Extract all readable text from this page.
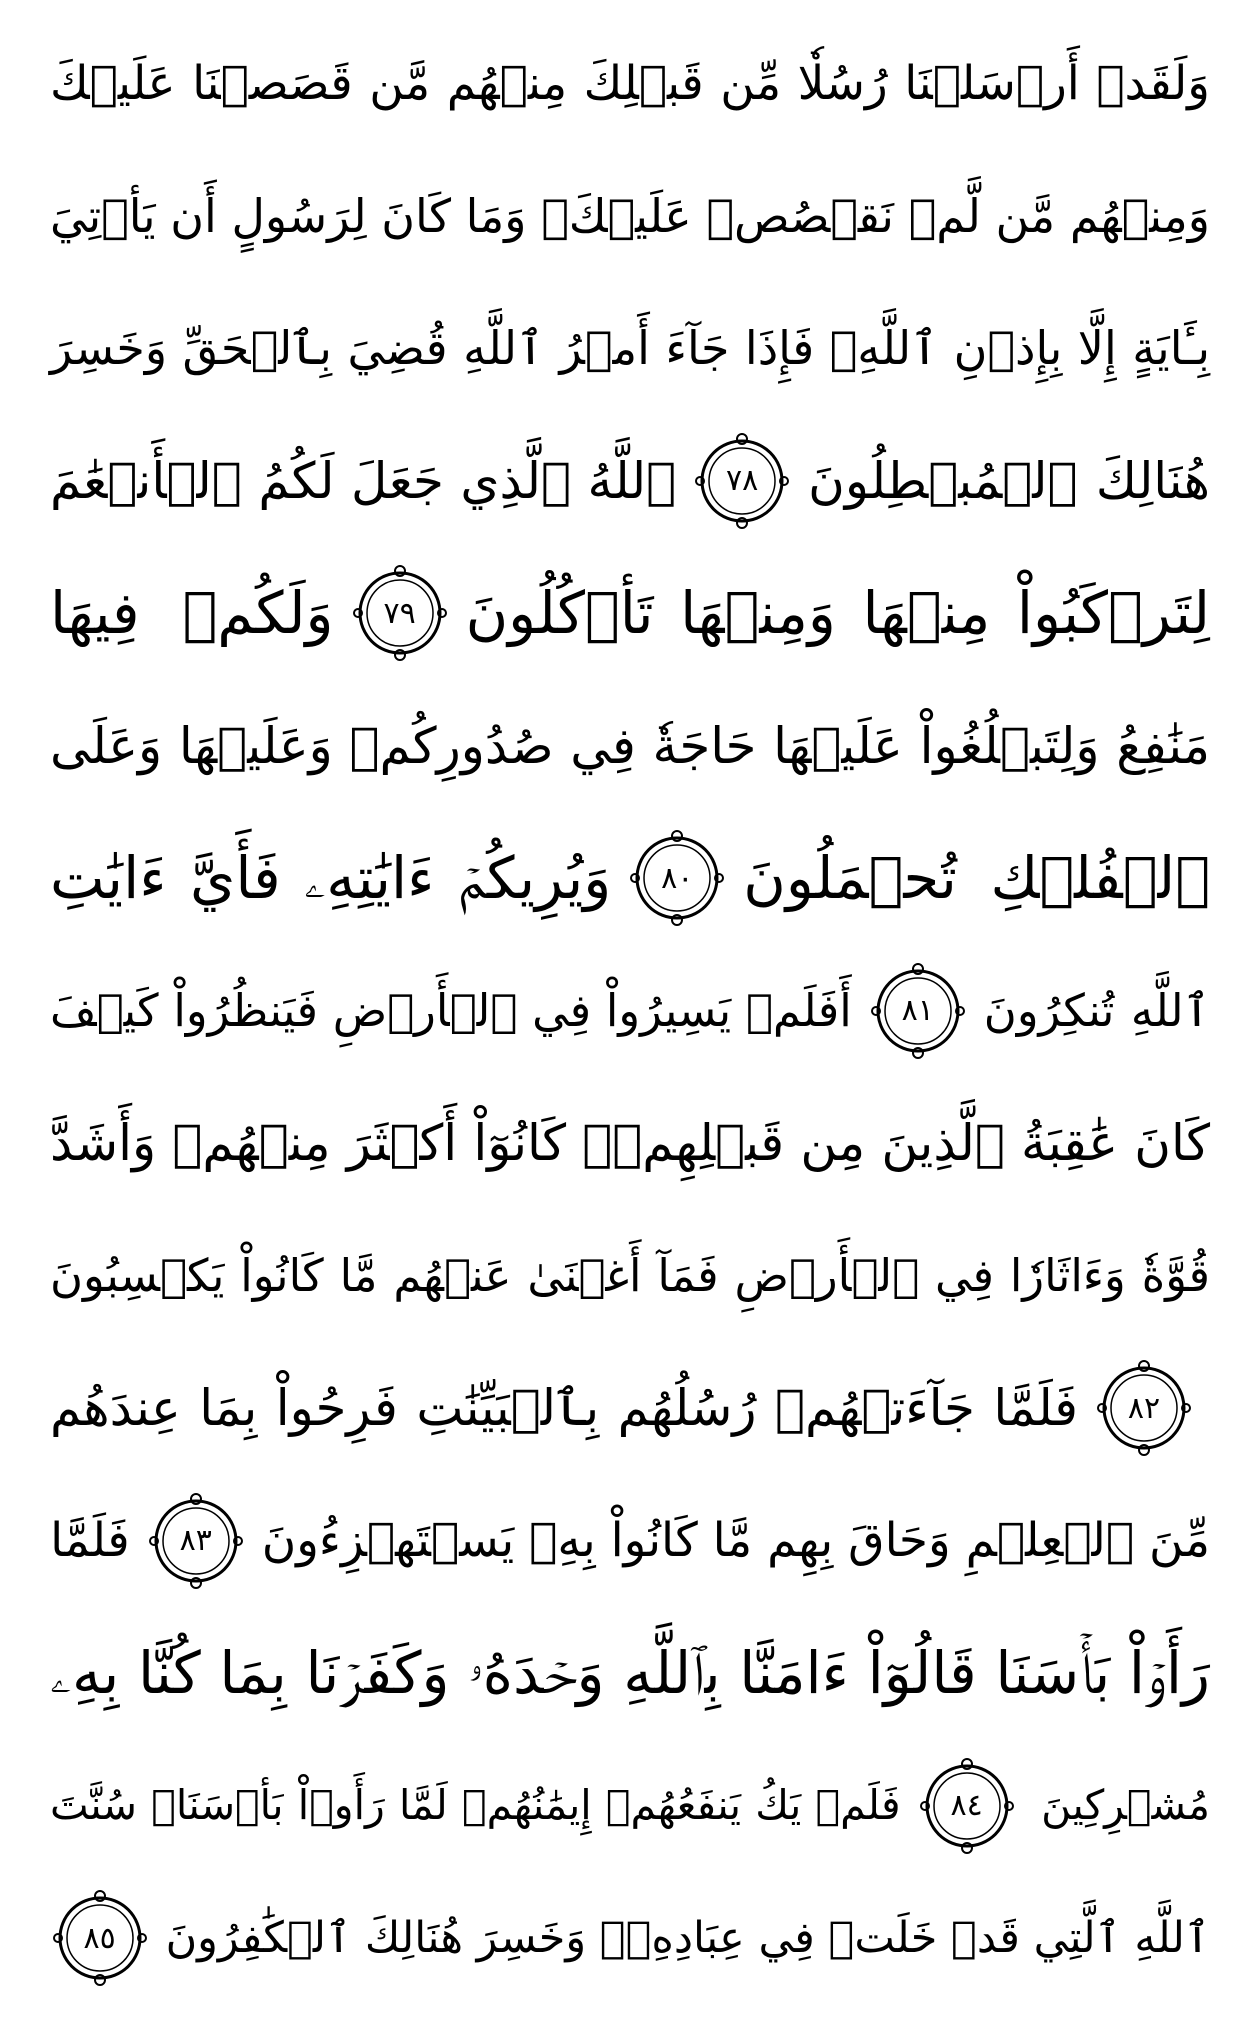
وَلَقَدۡ أَرۡسَلۡنَا رُسُلٗا مِّن قَبۡلِكَ مِنۡهُم مَّن قَصَصۡنَا عَلَيۡكَ
وَمِنۡهُم مَّن لَّمۡ نَقۡصُصۡ عَلَيۡكَۗ وَمَا كَانَ لِرَسُولٍ أَن يَأۡتِيَ
بِـَٔايَةٍ إِلَّا بِإِذۡنِ ٱللَّهِۚ فَإِذَا جَآءَ أَمۡرُ ٱللَّهِ قُضِيَ بِٱلۡحَقِّ وَخَسِرَ
هُنَالِكَ ٱلۡمُبۡطِلُونَ
٧٨
ٱللَّهُ ٱلَّذِي جَعَلَ لَكُمُ ٱلۡأَنۡعَٰمَ
لِتَرۡكَبُواْ مِنۡهَا وَمِنۡهَا تَأۡكُلُونَ
٧٩
وَلَكُمۡ فِيهَا
مَنَٰفِعُ وَلِتَبۡلُغُواْ عَلَيۡهَا حَاجَةٗ فِي صُدُورِكُمۡ وَعَلَيۡهَا وَعَلَى
ٱلۡفُلۡكِ تُحۡمَلُونَ
٨٠
وَيُرِيكُمۡ ءَايَٰتِهِۦ فَأَيَّ ءَايَٰتِ
ٱللَّهِ تُنكِرُونَ
٨١
أَفَلَمۡ يَسِيرُواْ فِي ٱلۡأَرۡضِ فَيَنظُرُواْ كَيۡفَ
كَانَ عَٰقِبَةُ ٱلَّذِينَ مِن قَبۡلِهِمۡۚ كَانُوٓاْ أَكۡثَرَ مِنۡهُمۡ وَأَشَدَّ
قُوَّةٗ وَءَاثَارٗا فِي ٱلۡأَرۡضِ فَمَآ أَغۡنَىٰ عَنۡهُم مَّا كَانُواْ يَكۡسِبُونَ
٨٢
فَلَمَّا جَآءَتۡهُمۡ رُسُلُهُم بِٱلۡبَيِّنَٰتِ فَرِحُواْ بِمَا عِندَهُم
مِّنَ ٱلۡعِلۡمِ وَحَاقَ بِهِم مَّا كَانُواْ بِهِۦ يَسۡتَهۡزِءُونَ
٨٣
فَلَمَّا
رَأَوۡاْ بَأۡسَنَا قَالُوٓاْ ءَامَنَّا بِٱللَّهِ وَحۡدَهُۥ وَكَفَرۡنَا بِمَا كُنَّا بِهِۦ
مُشۡرِكِينَ
٨٤
فَلَمۡ يَكُ يَنفَعُهُمۡ إِيمَٰنُهُمۡ لَمَّا رَأَوۡاْ بَأۡسَنَاۖ سُنَّتَ
ٱللَّهِ ٱلَّتِي قَدۡ خَلَتۡ فِي عِبَادِهِۦۖ وَخَسِرَ هُنَالِكَ ٱلۡكَٰفِرُونَ
٨٥
